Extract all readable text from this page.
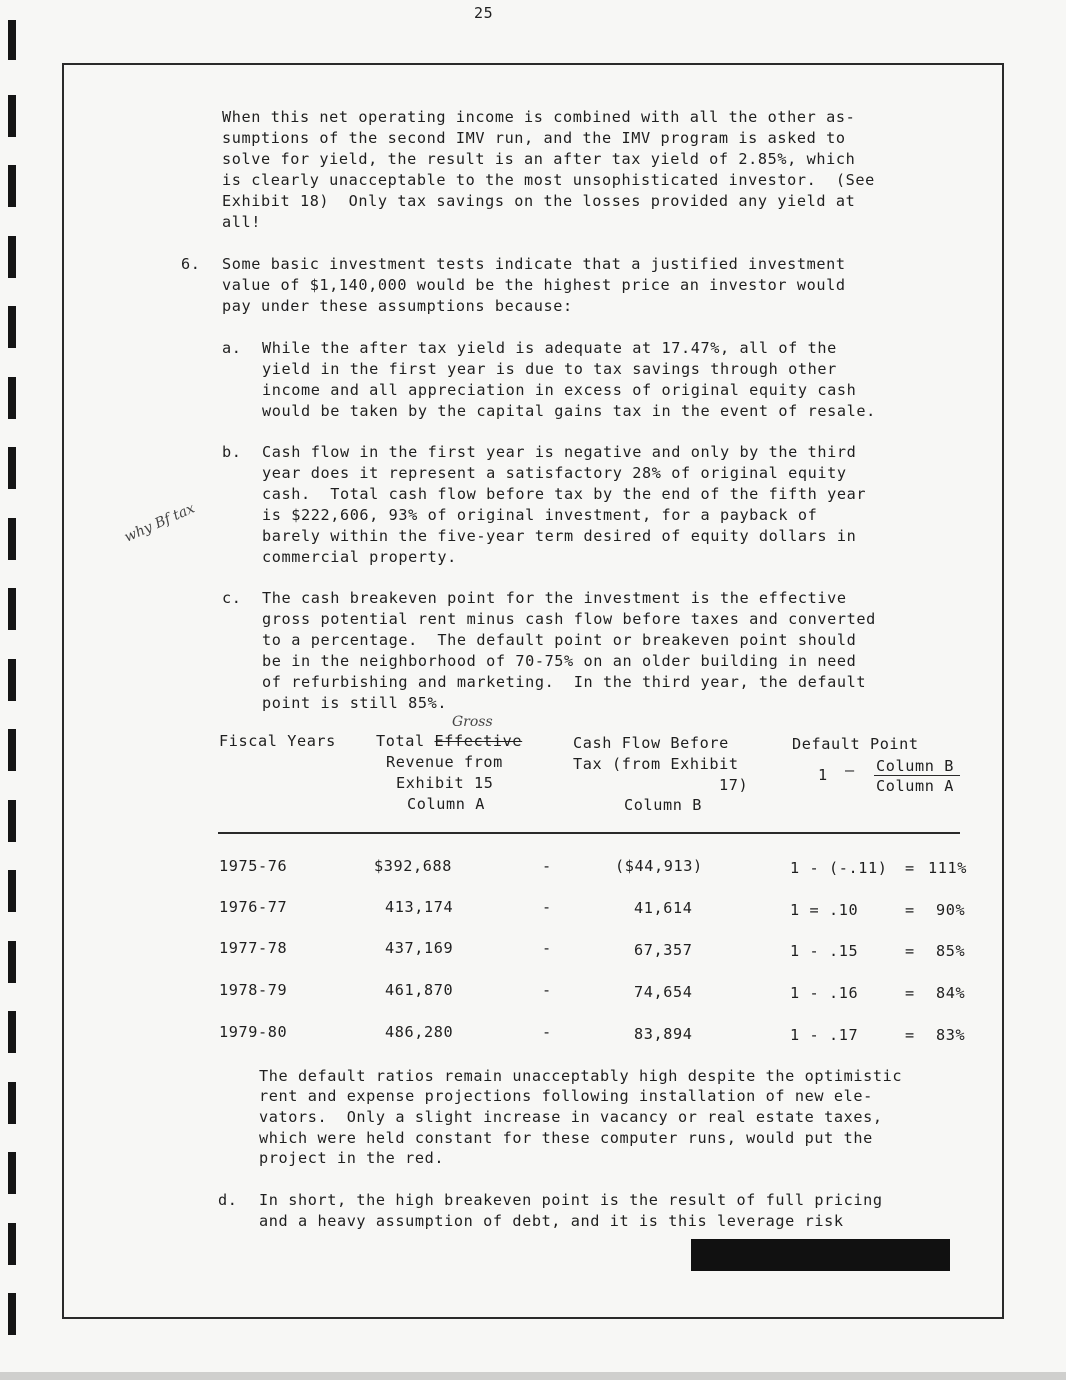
25
When this net operating income is combined with all the other as-
sumptions of the second IMV run, and the IMV program is asked to
solve for yield, the result is an after tax yield of 2.85%, which
is clearly unacceptable to the most unsophisticated investor.  (See
Exhibit 18)  Only tax savings on the losses provided any yield at
all!
6. Some basic investment tests indicate that a justified investment
value of $1,140,000 would be the highest price an investor would
pay under these assumptions because:
a. While the after tax yield is adequate at 17.47%, all of the
yield in the first year is due to tax savings through other
income and all appreciation in excess of original equity cash
would be taken by the capital gains tax in the event of resale.
b. Cash flow in the first year is negative and only by the third
year does it represent a satisfactory 28% of original equity
cash.  Total cash flow before tax by the end of the fifth year
is $222,606, 93% of original investment, for a payback of
barely within the five-year term desired of equity dollars in
commercial property.
why Bf tax
c. The cash breakeven point for the investment is the effective
gross potential rent minus cash flow before taxes and converted
to a percentage.  The default point or breakeven point should
be in the neighborhood of 70-75% on an older building in need
of refurbishing and marketing.  In the third year, the default
point is still 85%.
Fiscal Years	Total Effective
Gross
Revenue from
Exhibit 15
Column A
Cash Flow Before
Tax (from Exhibit
17)
Column B
Default Point
1 – Column B
Column A
1975-76	$392,688	-	($44,913)	1 - (-.11) = 111%
1976-77	413,174	-	41,614	1 = .10	= 90%
1977-78	437,169	-	67,357	1 - .15	= 85%
1978-79	461,870	-	74,654	1 - .16	= 84%
1979-80	486,280	-	83,894	1 - .17	= 83%
The default ratios remain unacceptably high despite the optimistic
rent and expense projections following installation of new ele-
vators.  Only a slight increase in vacancy or real estate taxes,
which were held constant for these computer runs, would put the
project in the red.
d. In short, the high breakeven point is the result of full pricing
and a heavy assumption of debt, and it is this leverage risk
